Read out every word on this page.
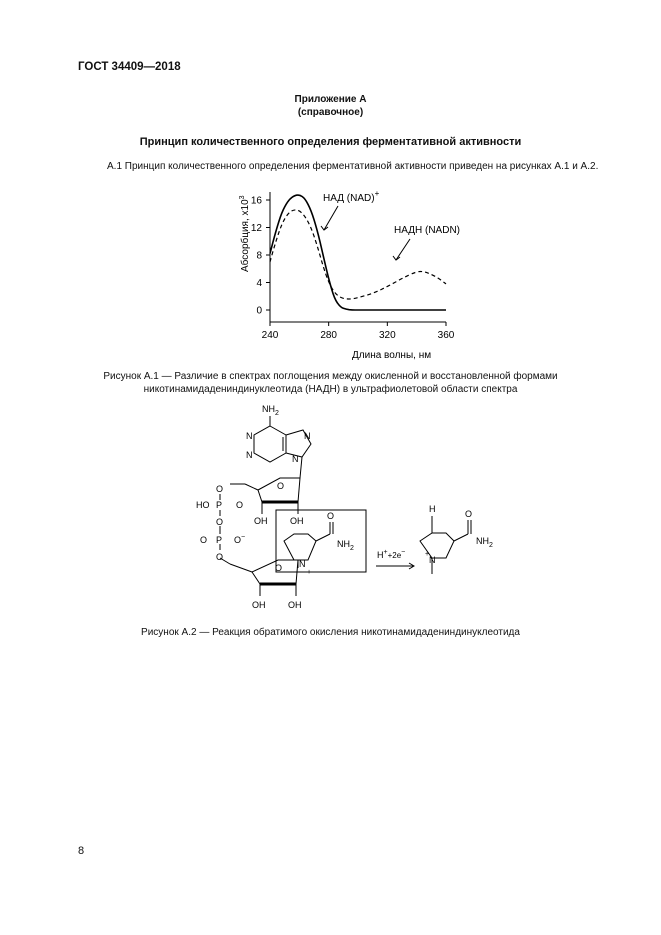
ГОСТ 34409—2018
Приложение А
(справочное)
Принцип количественного определения ферментативной активности
А.1 Принцип количественного определения ферментативной активности приведен на рисунках А.1 и А.2.
0
4
8
12
16
240	280	320	360
Абсорбция, $х10^3$
Длина волны, нм
НАД (NAD)+
НАДН (NADN)
Рисунок А.1 — Различие в спектрах поглощения между окисленной и восстановленной формами
никотинамидадениндинуклеотида (НАДН) в ультрафиолетовой области спектра
$NH_2$
N
N
N
N
O
OH	OH
O
HO P O
O
O P O−
O
O
OH	OH
N
+
O
$NH_2$
H++2e−
H	O
$NH_2$
N
+
Рисунок А.2 — Реакция обратимого окисления никотинамидадениндинуклеотида
8
